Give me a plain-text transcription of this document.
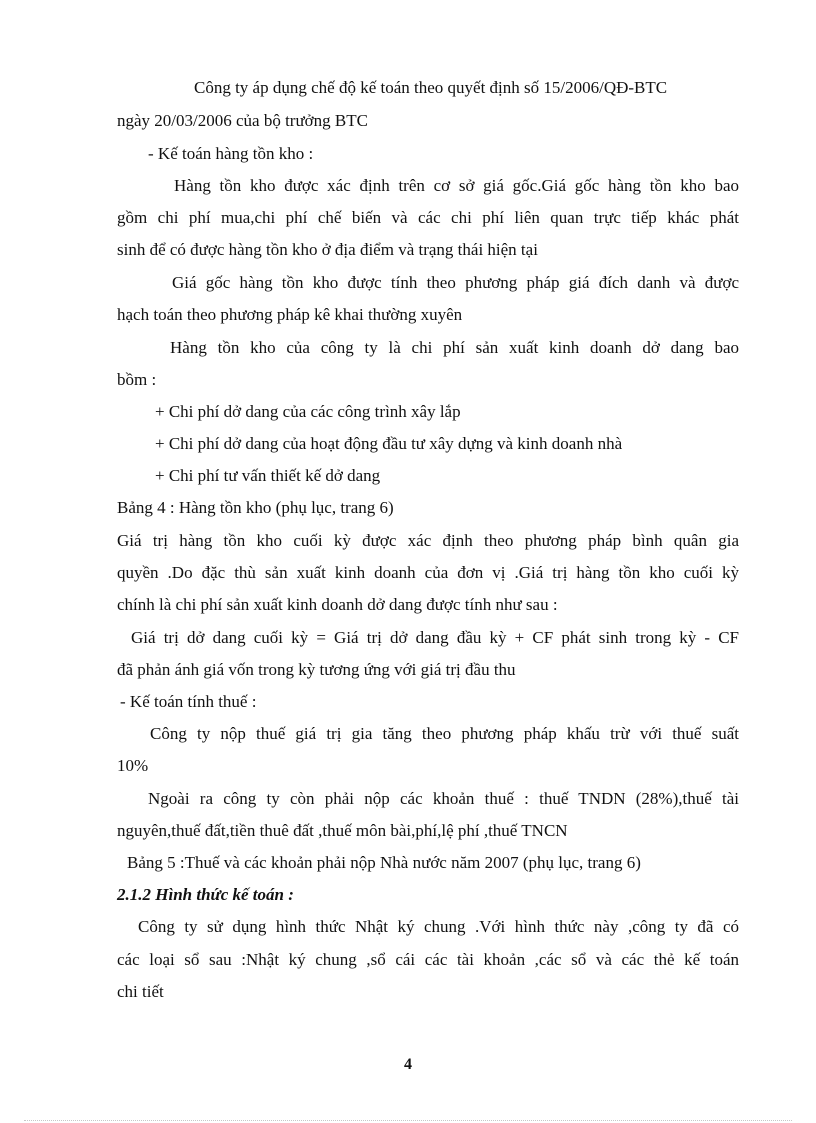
Công ty áp dụng chế độ kế toán theo quyết định số 15/2006/QĐ-BTC
ngày 20/03/2006 của bộ trưởng BTC
- Kế toán hàng tồn kho :
Hàng tồn kho được xác định trên cơ sở giá gốc.Giá gốc hàng tồn kho bao
gồm chi phí mua,chi phí chế biến và các chi phí liên quan trực tiếp khác phát
sinh để có được hàng tồn kho ở địa điểm và trạng thái hiện tại
Giá gốc hàng tồn kho được tính theo phương pháp giá đích danh và được
hạch toán theo phương pháp kê khai thường xuyên
Hàng tồn kho của công ty là chi phí sản xuất kinh doanh dở dang bao
bồm :
+ Chi phí dở dang của các công trình xây lắp
+ Chi phí dở dang của hoạt động đầu tư xây dựng và kinh doanh nhà
+ Chi phí tư vấn thiết kế dở dang
Bảng 4 : Hàng tồn kho (phụ lục, trang 6)
Giá trị hàng tồn kho cuối kỳ được xác định theo phương pháp bình quân gia
quyền .Do đặc thù sản xuất kinh doanh của đơn vị .Giá trị hàng tồn kho cuối kỳ
chính là chi phí sản xuất kinh doanh dở dang được tính như sau :
Giá trị dở dang cuối kỳ = Giá trị dở dang đầu kỳ + CF phát sinh trong kỳ - CF
đã phản ánh giá vốn trong kỳ tương ứng với giá trị đầu thu
- Kế toán tính thuế :
Công ty nộp thuế giá trị gia tăng theo phương pháp khấu trừ với thuế suất
10%
Ngoài ra công ty còn phải nộp các khoản thuế : thuế TNDN (28%),thuế tài
nguyên,thuế đất,tiền thuê đất ,thuế môn bài,phí,lệ phí ,thuế TNCN
Bảng 5 :Thuế và các khoản phải nộp Nhà nước năm 2007 (phụ lục, trang 6)
2.1.2 Hình thức kế toán :
Công ty sử dụng hình thức Nhật ký chung .Với hình thức này ,công ty đã có
các loại sổ sau :Nhật ký chung ,sổ cái các tài khoản ,các sổ và các thẻ kế toán
chi tiết
4
